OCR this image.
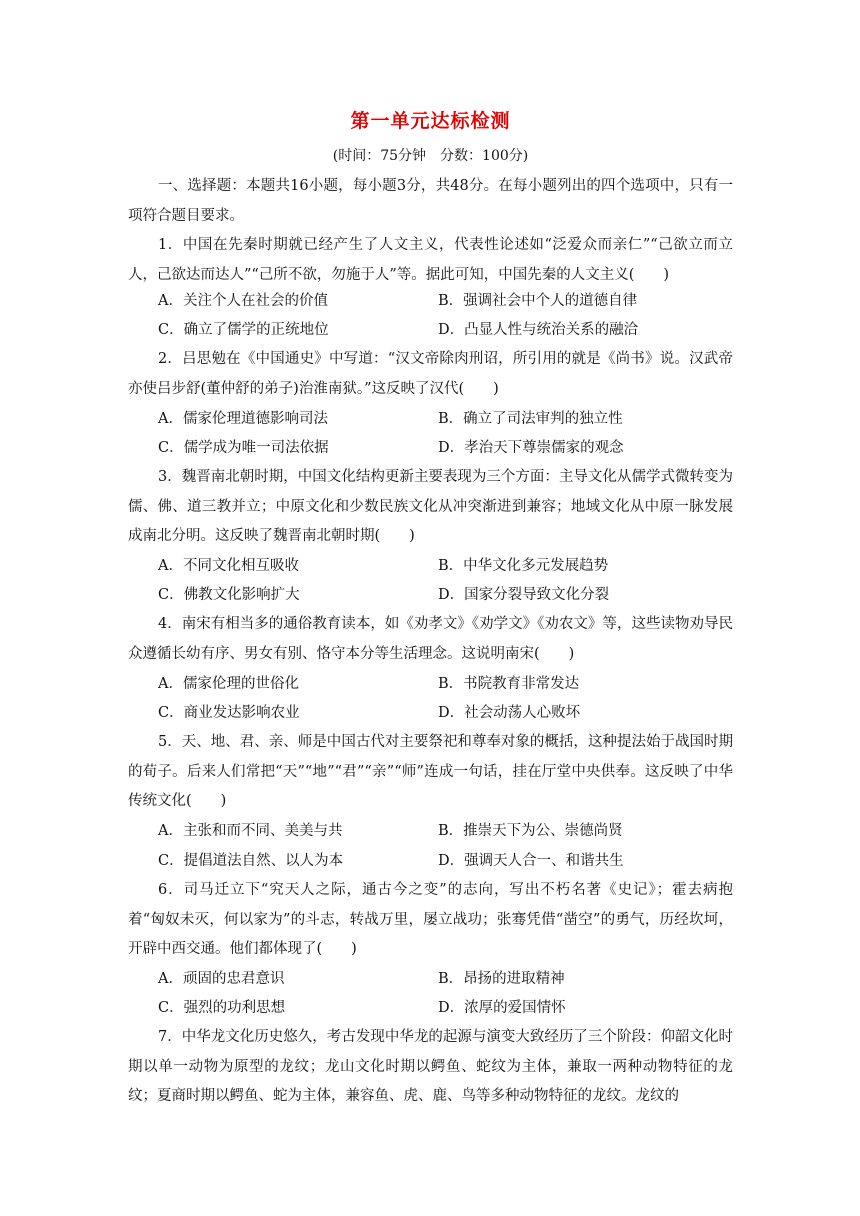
第一单元达标检测
(时间：75分钟　分数：100分)

一、选择题：本题共16小题，每小题3分，共48分。在每小题列出的四个选项中，只有一项符合题目要求。

1．中国在先秦时期就已经产生了人文主义，代表性论述如“泛爱众而亲仁”“己欲立而立人，己欲达而达人”“己所不欲，勿施于人”等。据此可知，中国先秦的人文主义(　　)

A．关注个人在社会的价值	B．强调社会中个人的道德自律
C．确立了儒学的正统地位	D．凸显人性与统治关系的融洽

2．吕思勉在《中国通史》中写道：“汉文帝除肉刑诏，所引用的就是《尚书》说。汉武帝亦使吕步舒(董仲舒的弟子)治淮南狱。”这反映了汉代(　　)

A．儒家伦理道德影响司法	B．确立了司法审判的独立性
C．儒学成为唯一司法依据	D．孝治天下尊崇儒家的观念

3．魏晋南北朝时期，中国文化结构更新主要表现为三个方面：主导文化从儒学式微转变为儒、佛、道三教并立；中原文化和少数民族文化从冲突渐进到兼容；地域文化从中原一脉发展成南北分明。这反映了魏晋南北朝时期(　　)

A．不同文化相互吸收	B．中华文化多元发展趋势
C．佛教文化影响扩大	D．国家分裂导致文化分裂

4．南宋有相当多的通俗教育读本，如《劝孝文》《劝学文》《劝农文》等，这些读物劝导民众遵循长幼有序、男女有别、恪守本分等生活理念。这说明南宋(　　)

A．儒家伦理的世俗化	B．书院教育非常发达
C．商业发达影响农业	D．社会动荡人心败坏

5．天、地、君、亲、师是中国古代对主要祭祀和尊奉对象的概括，这种提法始于战国时期的荀子。后来人们常把“天”“地”“君”“亲”“师”连成一句话，挂在厅堂中央供奉。这反映了中华传统文化(　　)

A．主张和而不同、美美与共	B．推崇天下为公、崇德尚贤
C．提倡道法自然、以人为本	D．强调天人合一、和谐共生

6．司马迁立下“究天人之际，通古今之变”的志向，写出不朽名著《史记》；霍去病抱着“匈奴未灭，何以家为”的斗志，转战万里，屡立战功；张骞凭借“凿空”的勇气，历经坎坷，开辟中西交通。他们都体现了(　　)

A．顽固的忠君意识	B．昂扬的进取精神
C．强烈的功利思想	D．浓厚的爱国情怀

7．中华龙文化历史悠久，考古发现中华龙的起源与演变大致经历了三个阶段：仰韶文化时期以单一动物为原型的龙纹；龙山文化时期以鳄鱼、蛇纹为主体，兼取一两种动物特征的龙纹；夏商时期以鳄鱼、蛇为主体，兼容鱼、虎、鹿、鸟等多种动物特征的龙纹。龙纹的
